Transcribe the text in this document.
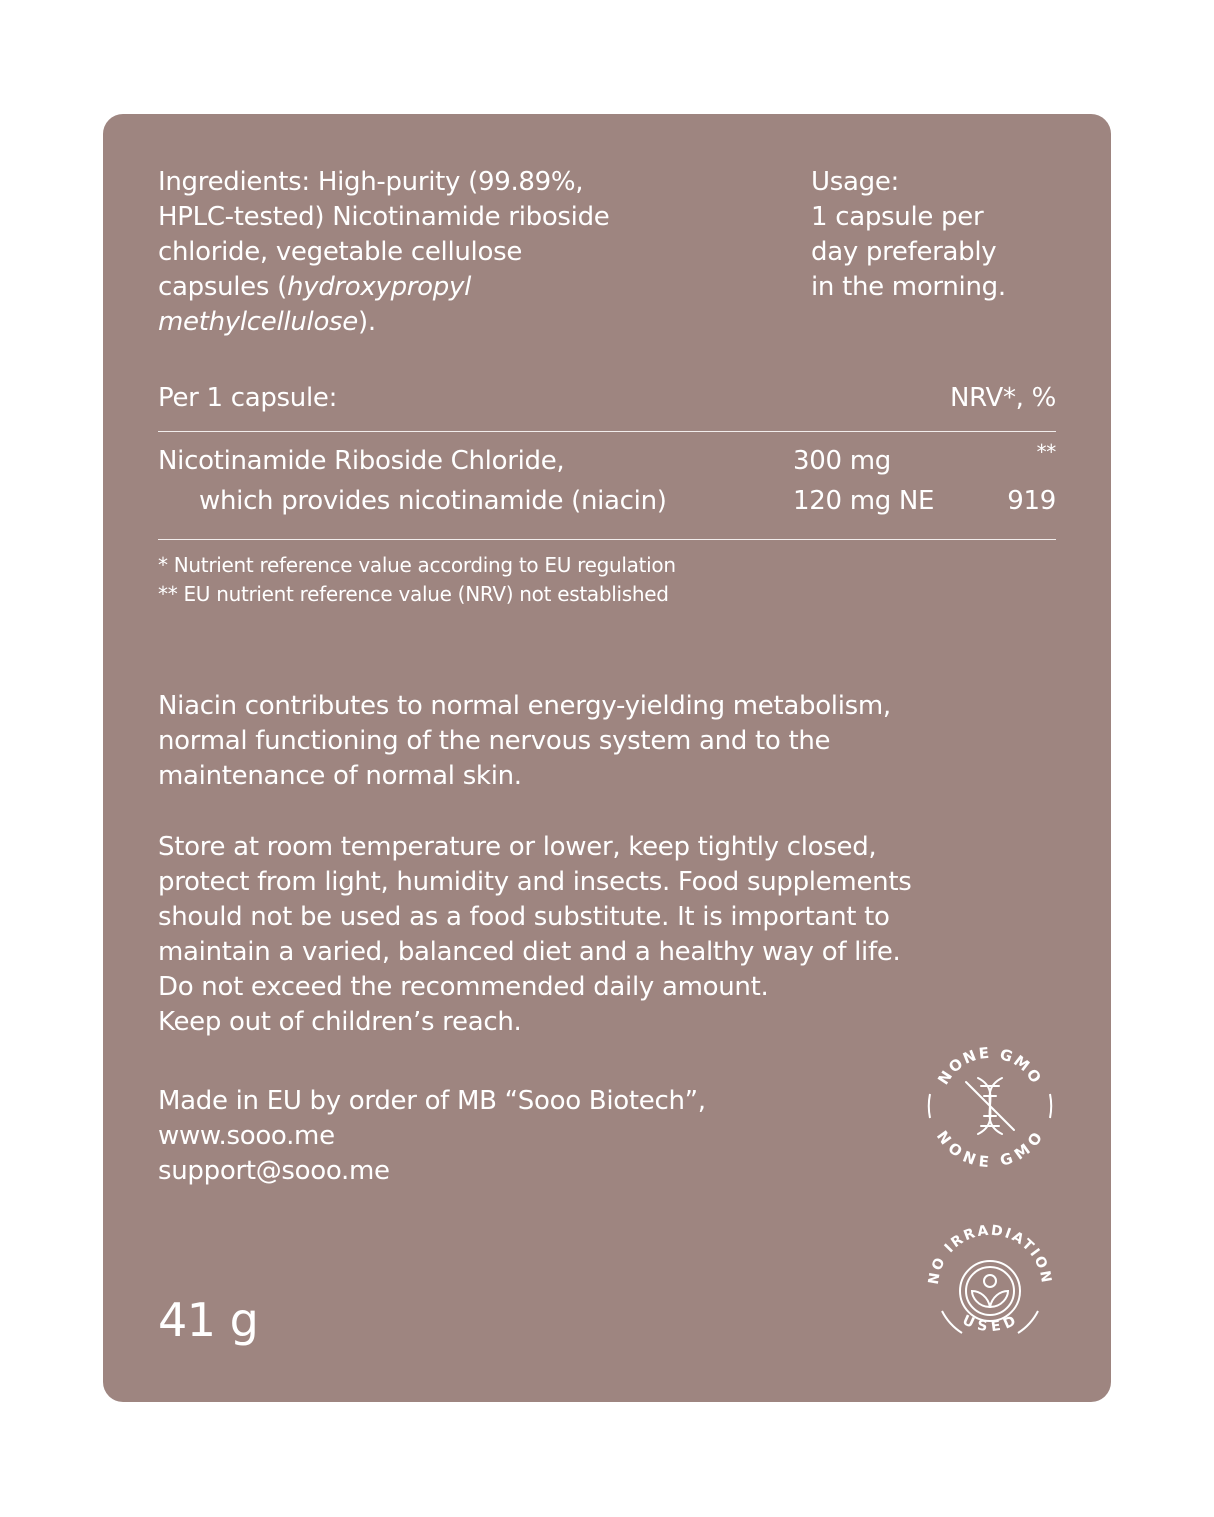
Ingredients: High-purity (99.89%,
HPLC-tested) Nicotinamide riboside
chloride, vegetable cellulose
capsules (hydroxypropyl
methylcellulose).

Usage:
1 capsule per
day preferably
in the morning.

Per 1 capsule:	NRV*, %

Nicotinamide Riboside Chloride,	300 mg	**

which provides nicotinamide (niacin)	120 mg NE	919

* Nutrient reference value according to EU regulation

** EU nutrient reference value (NRV) not established

Niacin contributes to normal energy-yielding metabolism,
normal functioning of the nervous system and to the
maintenance of normal skin.

Store at room temperature or lower, keep tightly closed,
protect from light, humidity and insects. Food supplements
should not be used as a food substitute. It is important to
maintain a varied, balanced diet and a healthy way of life.
Do not exceed the recommended daily amount.
Keep out of children’s reach.

Made in EU by order of MB “Sooo Biotech”,
www.sooo.me
support@sooo.me

41 g

NONE GMO
NONE GMO
NO IRRADIATION
USED
